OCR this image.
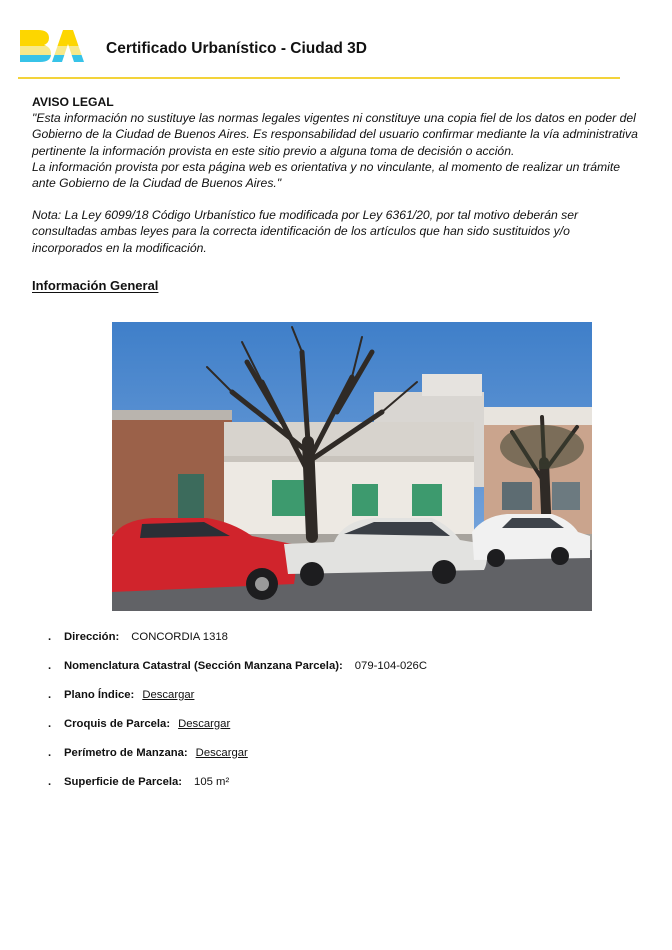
Certificado Urbanístico - Ciudad 3D

AVISO LEGAL

"Esta información no sustituye las normas legales vigentes ni constituye una copia fiel de los datos en poder del Gobierno de la Ciudad de Buenos Aires. Es responsabilidad del usuario confirmar mediante la vía administrativa pertinente la información provista en este sitio previo a alguna toma de decisión o acción.

La información provista por esta página web es orientativa y no vinculante, al momento de realizar un trámite ante Gobierno de la Ciudad de Buenos Aires."

Nota: La Ley 6099/18 Código Urbanístico fue modificada por Ley 6361/20, por tal motivo deberán ser consultadas ambas leyes para la correcta identificación de los artículos que han sido sustituidos y/o incorporados en la modificación.

Información General
.	Dirección: CONCORDIA 1318
.	Nomenclatura Catastral (Sección Manzana Parcela): 079-104-026C
.	Plano Índice: Descargar
.	Croquis de Parcela: Descargar
.	Perímetro de Manzana: Descargar
.	Superficie de Parcela: 105 m²
